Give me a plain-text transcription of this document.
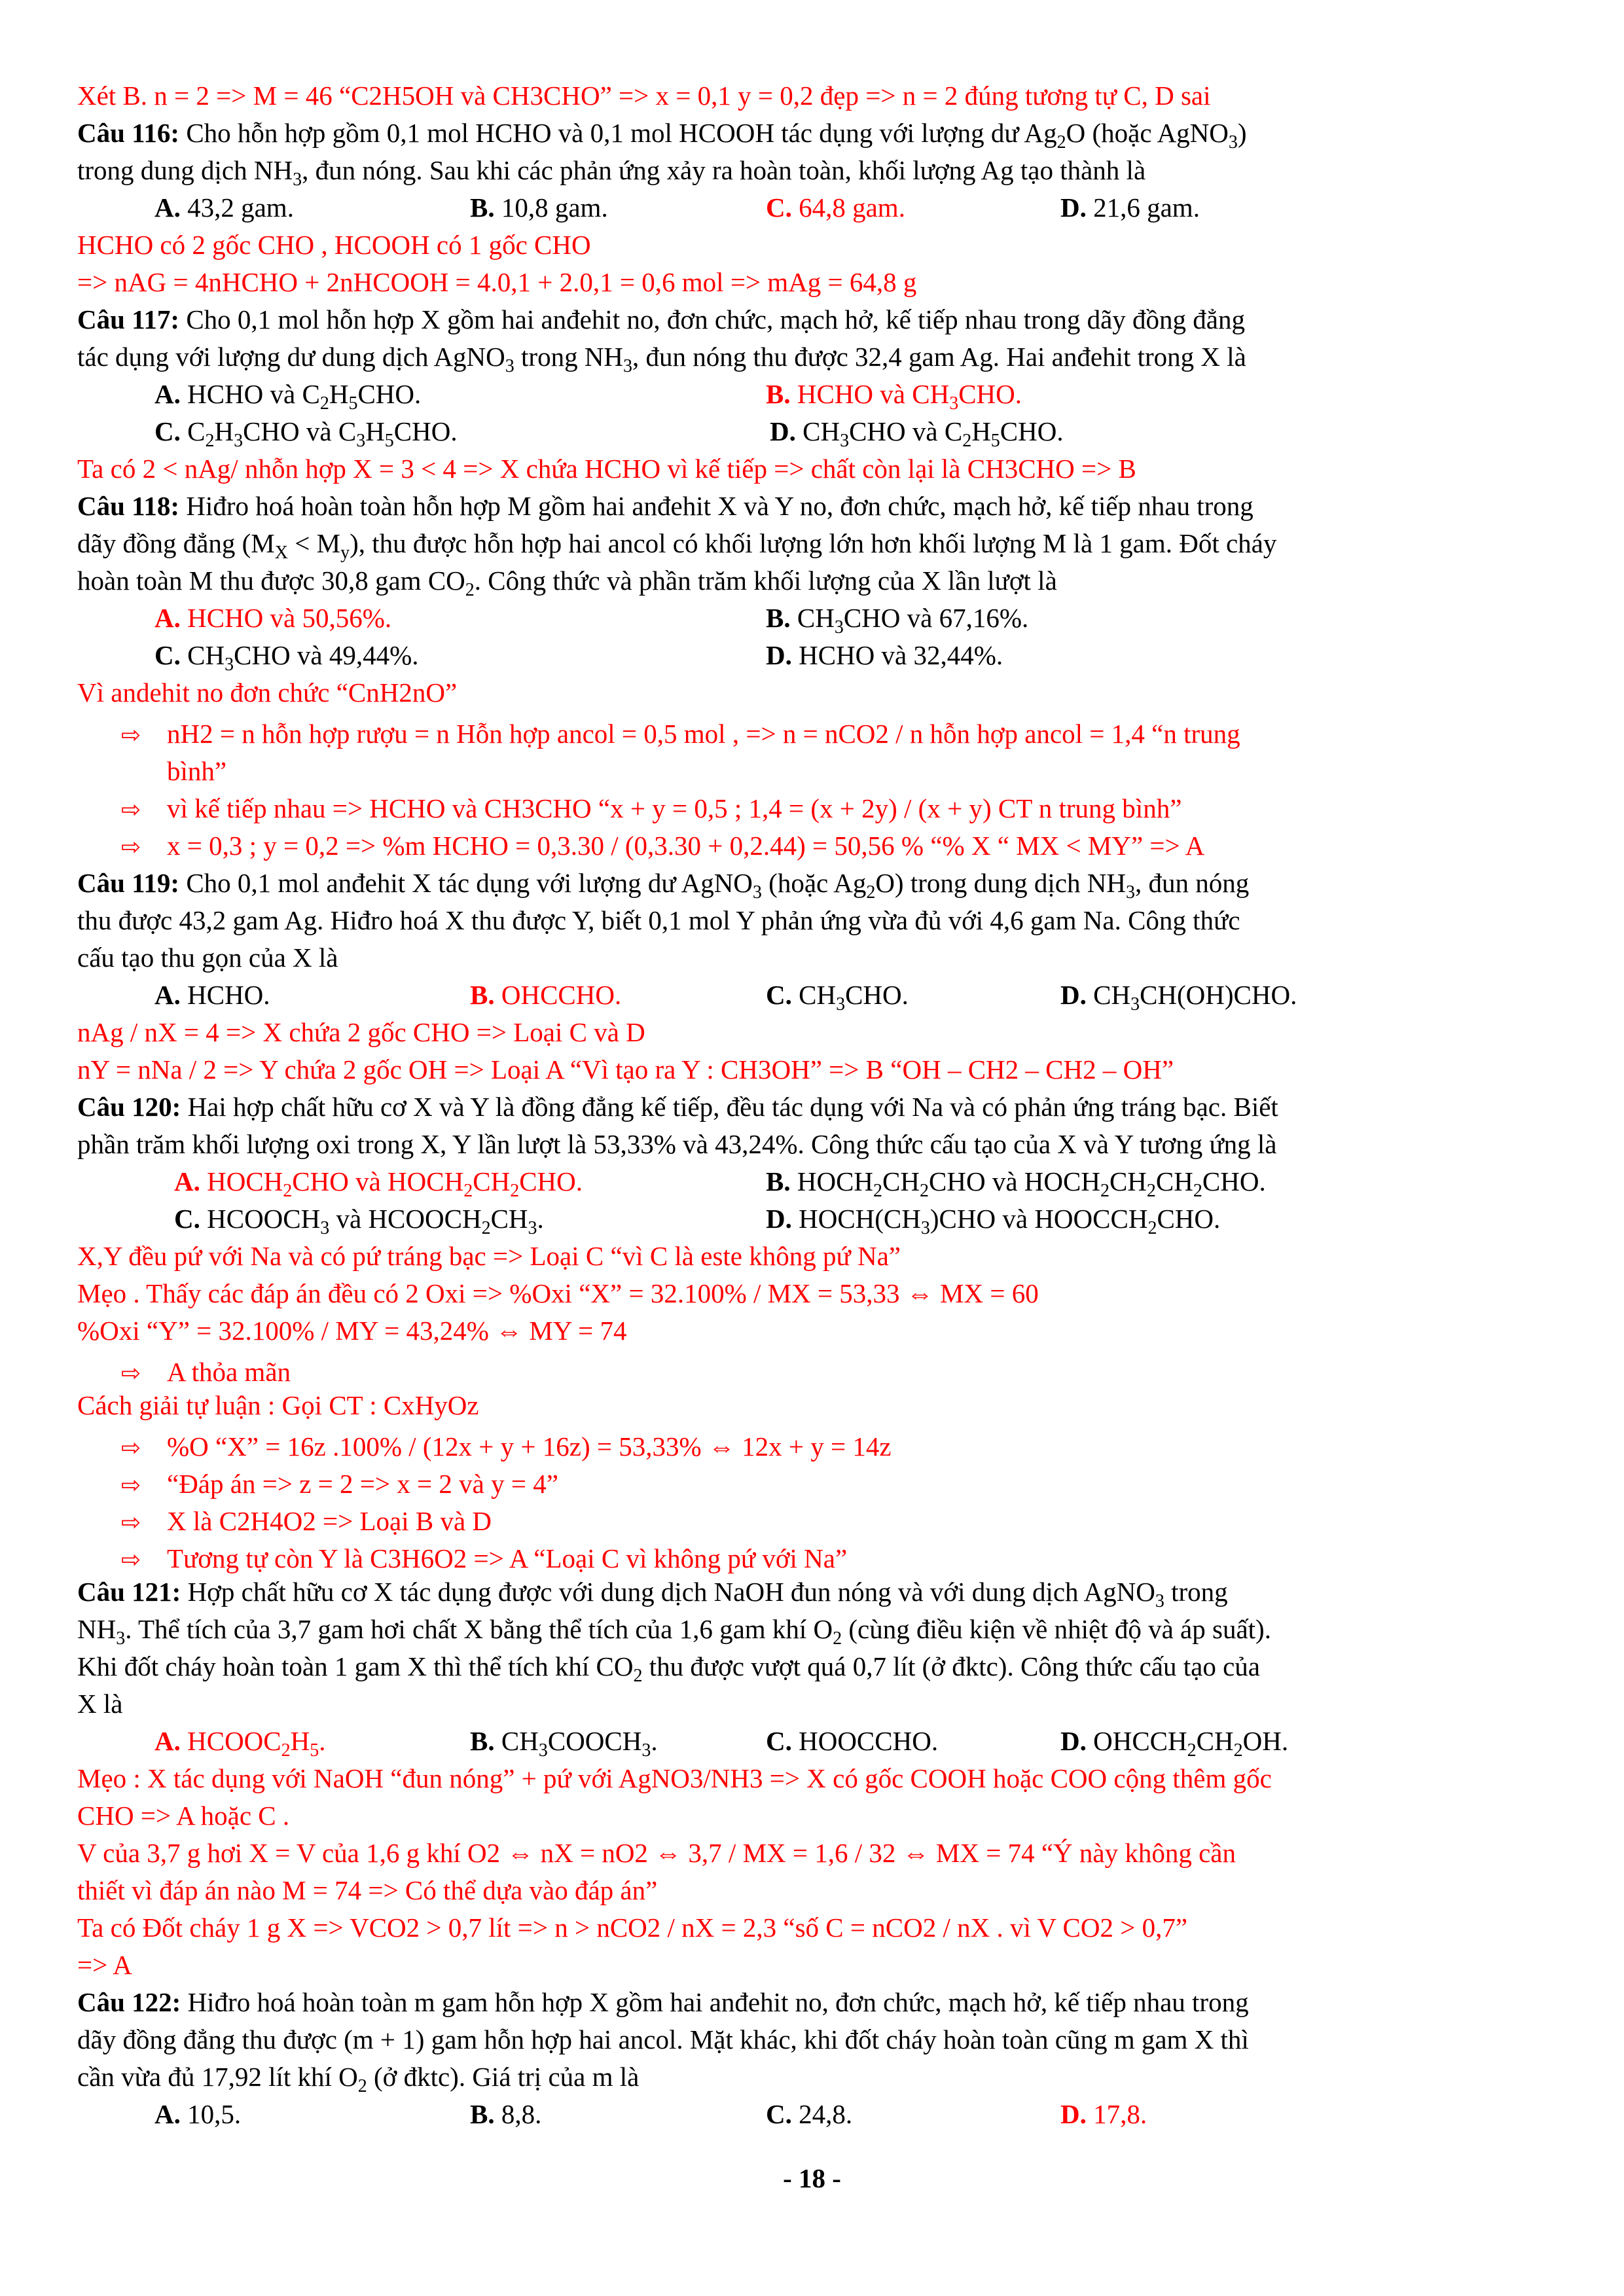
Xét B. n = 2 => M = 46 “C2H5OH và CH3CHO” => x = 0,1 y = 0,2 đẹp => n = 2 đúng tương tự C, D sai
Câu 116: Cho hỗn hợp gồm 0,1 mol HCHO và 0,1 mol HCOOH tác dụng với lượng dư $Ag_2O$ (hoặc AgNO$_3$)
trong dung dịch $NH_3$, đun nóng. Sau khi các phản ứng xảy ra hoàn toàn, khối lượng Ag tạo thành là
A. 43,2 gam.	B. 10,8 gam.	C. 64,8 gam.	D. 21,6 gam.
HCHO có 2 gốc CHO , HCOOH có 1 gốc CHO
=> nAG = 4nHCHO + 2nHCOOH = 4.0,1 + 2.0,1 = 0,6 mol => mAg = 64,8 g
Câu 117: Cho 0,1 mol hỗn hợp X gồm hai anđehit no, đơn chức, mạch hở, kế tiếp nhau trong dãy đồng đẳng
tác dụng với lượng dư dung dịch AgNO$_3$ trong $NH_3$, đun nóng thu được 32,4 gam Ag. Hai anđehit trong X là
A. HCHO và $C_2H_5CHO$.	B. HCHO và $CH_3CHO$.
C. $C_2H_3CHO$ và $C_3H_5CHO$.	D. $CH_3CHO$ và $C_2H_5CHO$.
Ta có 2 < nAg/ nhỗn hợp X = 3 < 4 => X chứa HCHO vì kế tiếp => chất còn lại là CH3CHO => B
Câu 118: Hiđro hoá hoàn toàn hỗn hợp M gồm hai anđehit X và Y no, đơn chức, mạch hở, kế tiếp nhau trong
dãy đồng đẳng $(M_X < M_y)$, thu được hỗn hợp hai ancol có khối lượng lớn hơn khối lượng M là 1 gam. Đốt cháy
hoàn toàn M thu được 30,8 gam $CO_2$. Công thức và phần trăm khối lượng của X lần lượt là
A. HCHO và 50,56%.	B. $CH_3CHO$ và 67,16%.
C. $CH_3CHO$ và 49,44%.	D. HCHO và 32,44%.
Vì andehit no đơn chức “CnH2nO”
⇨ nH2 = n hỗn hợp rượu = n Hỗn hợp ancol = 0,5 mol , => n = nCO2 / n hỗn hợp ancol = 1,4 “n trung
bình”
⇨ vì kế tiếp nhau => HCHO và CH3CHO “x + y = 0,5 ; 1,4 = (x + 2y) / (x + y) CT n trung bình”
⇨ x = 0,3 ; y = 0,2 => %m HCHO = 0,3.30 / (0,3.30 + 0,2.44) = 50,56 % “% X “ MX < MY” => A
Câu 119: Cho 0,1 mol anđehit X tác dụng với lượng dư AgNO$_3$ (hoặc $Ag_2O$) trong dung dịch $NH_3$, đun nóng
thu được 43,2 gam Ag. Hiđro hoá X thu được Y, biết 0,1 mol Y phản ứng vừa đủ với 4,6 gam Na. Công thức
cấu tạo thu gọn của X là
A. HCHO.	B. OHCCHO.	C. $CH_3CHO$.	D. $CH_3CH(OH)CHO$.
nAg / nX = 4 => X chứa 2 gốc CHO => Loại C và D
nY = nNa / 2 => Y chứa 2 gốc OH => Loại A “Vì tạo ra Y : CH3OH” => B “OH – CH2 – CH2 – OH”
Câu 120: Hai hợp chất hữu cơ X và Y là đồng đẳng kế tiếp, đều tác dụng với Na và có phản ứng tráng bạc. Biết
phần trăm khối lượng oxi trong X, Y lần lượt là 53,33% và 43,24%. Công thức cấu tạo của X và Y tương ứng là
A. $HOCH_2CHO$ và $HOCH_2CH_2CHO$.	B. $HOCH_2CH_2CHO$ và $HOCH_2CH_2CH_2CHO$.
C. $HCOOCH_3$ và $HCOOCH_2CH_3$.	D. $HOCH(CH_3)CHO$ và $HOOCCH_2CHO$.
X,Y đều pứ với Na và có pứ tráng bạc => Loại C “vì C là este không pứ Na”
Mẹo . Thấy các đáp án đều có 2 Oxi => %Oxi “X” = 32.100% / MX = 53,33 ⇔ MX = 60
%Oxi “Y” = 32.100% / MY = 43,24% ⇔ MY = 74
⇨ A thỏa mãn
Cách giải tự luận : Gọi CT : CxHyOz
⇨ %O “X” = 16z .100% / (12x + y + 16z) = 53,33% ⇔ 12x + y = 14z
⇨ “Đáp án => z = 2 => x = 2 và y = 4”
⇨ X là C2H4O2 => Loại B và D
⇨ Tương tự còn Y là C3H6O2 => A “Loại C vì không pứ với Na”
Câu 121: Hợp chất hữu cơ X tác dụng được với dung dịch NaOH đun nóng và với dung dịch AgNO$_3$ trong
$NH_3$. Thể tích của 3,7 gam hơi chất X bằng thể tích của 1,6 gam khí $O_2$ (cùng điều kiện về nhiệt độ và áp suất).
Khi đốt cháy hoàn toàn 1 gam X thì thể tích khí $CO_2$ thu được vượt quá 0,7 lít (ở đktc). Công thức cấu tạo của
X là
A. $HCOOC_2H_5$.	B. $CH_3COOCH_3$.	C. HOOCCHO.	D. $OHCCH_2CH_2OH$.
Mẹo : X tác dụng với NaOH “đun nóng” + pứ với AgNO3/NH3 => X có gốc COOH hoặc COO cộng thêm gốc
CHO => A hoặc C .
V của 3,7 g hơi X = V của 1,6 g khí O2 ⇔ nX = nO2 ⇔ 3,7 / MX = 1,6 / 32 ⇔ MX = 74 “Ý này không cần
thiết vì đáp án nào M = 74 => Có thể dựa vào đáp án”
Ta có Đốt cháy 1 g X => VCO2 > 0,7 lít => n > nCO2 / nX = 2,3 “số C = nCO2 / nX . vì V CO2 > 0,7”
=> A
Câu 122: Hiđro hoá hoàn toàn m gam hỗn hợp X gồm hai anđehit no, đơn chức, mạch hở, kế tiếp nhau trong
dãy đồng đẳng thu được (m + 1) gam hỗn hợp hai ancol. Mặt khác, khi đốt cháy hoàn toàn cũng m gam X thì
cần vừa đủ 17,92 lít khí $O_2$ (ở đktc). Giá trị của m là
A. 10,5.	B. 8,8.	C. 24,8.	D. 17,8.
- 18 -
